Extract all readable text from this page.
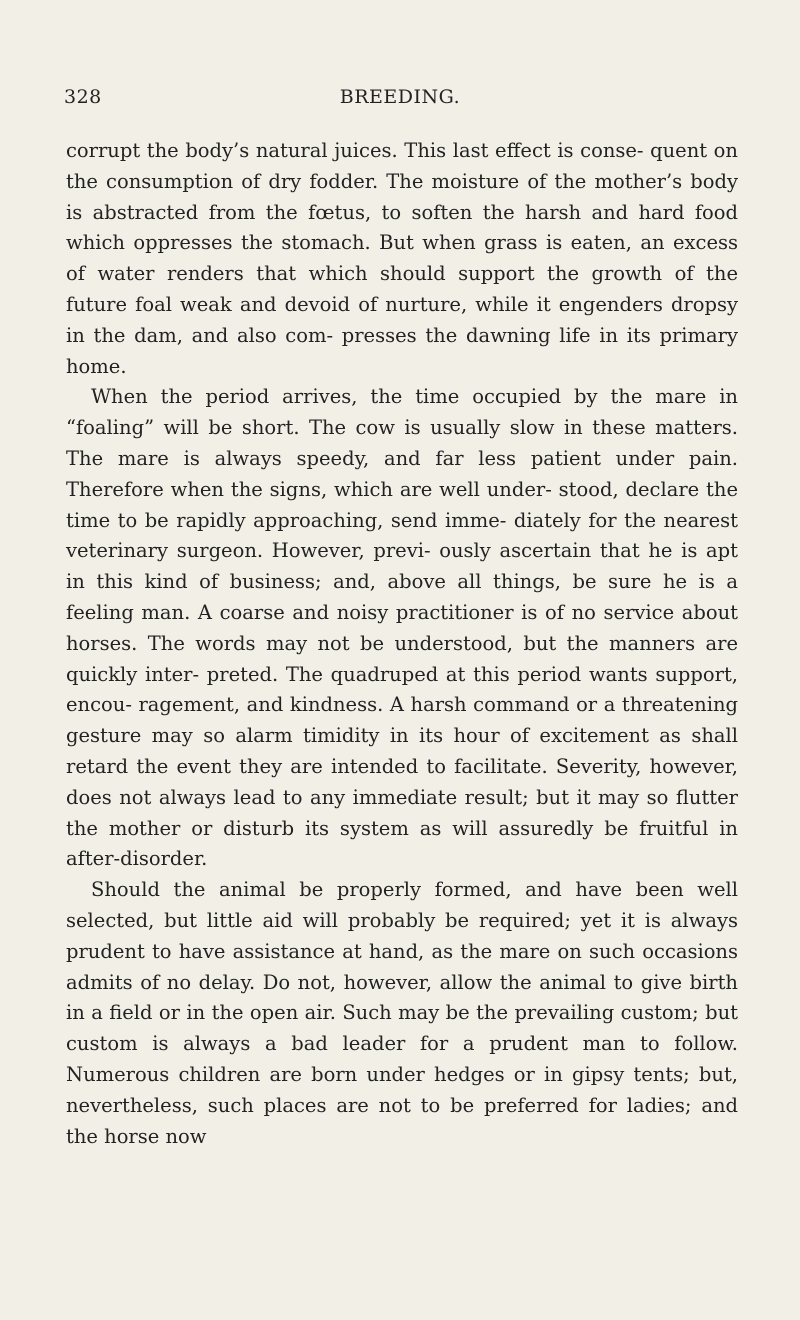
328	BREEDING.

corrupt the body’s natural juices. This last effect is conse- quent on the consumption of dry fodder. The moisture of the mother’s body is abstracted from the fœtus, to soften the harsh and hard food which oppresses the stomach. But when grass is eaten, an excess of water renders that which should support the growth of the future foal weak and devoid of nurture, while it engenders dropsy in the dam, and also com- presses the dawning life in its primary home.

When the period arrives, the time occupied by the mare in “foaling” will be short. The cow is usually slow in these matters. The mare is always speedy, and far less patient under pain. Therefore when the signs, which are well under- stood, declare the time to be rapidly approaching, send imme- diately for the nearest veterinary surgeon. However, previ- ously ascertain that he is apt in this kind of business; and, above all things, be sure he is a feeling man. A coarse and noisy practitioner is of no service about horses. The words may not be understood, but the manners are quickly inter- preted. The quadruped at this period wants support, encou- ragement, and kindness. A harsh command or a threatening gesture may so alarm timidity in its hour of excitement as shall retard the event they are intended to facilitate. Severity, however, does not always lead to any immediate result; but it may so flutter the mother or disturb its system as will assuredly be fruitful in after-disorder.

Should the animal be properly formed, and have been well selected, but little aid will probably be required; yet it is always prudent to have assistance at hand, as the mare on such occasions admits of no delay. Do not, however, allow the animal to give birth in a field or in the open air. Such may be the prevailing custom; but custom is always a bad leader for a prudent man to follow. Numerous children are born under hedges or in gipsy tents; but, nevertheless, such places are not to be preferred for ladies; and the horse now
